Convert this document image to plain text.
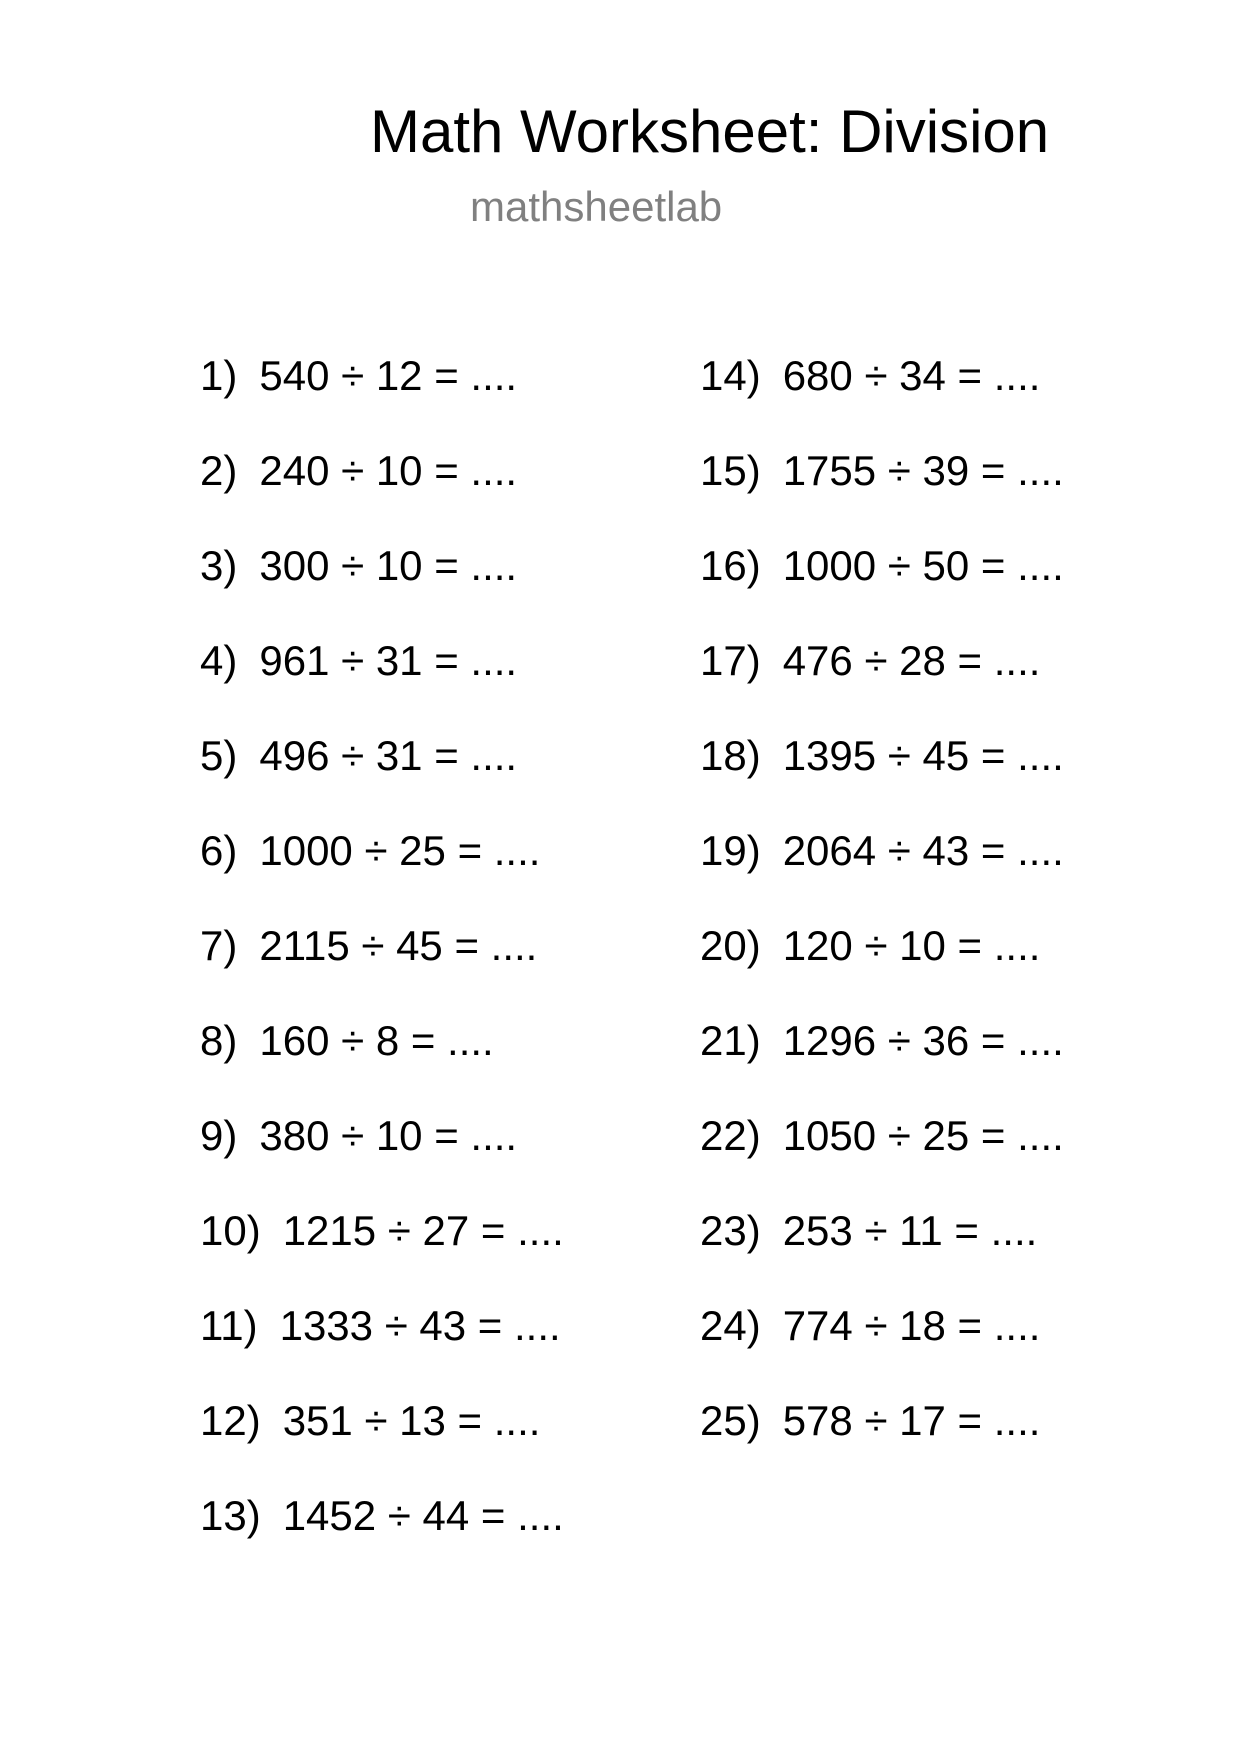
Math Worksheet: Division
mathsheetlab
1) 540 ÷ 12 = ....
2) 240 ÷ 10 = ....
3) 300 ÷ 10 = ....
4) 961 ÷ 31 = ....
5) 496 ÷ 31 = ....
6) 1000 ÷ 25 = ....
7) 2115 ÷ 45 = ....
8) 160 ÷ 8 = ....
9) 380 ÷ 10 = ....
10) 1215 ÷ 27 = ....
11) 1333 ÷ 43 = ....
12) 351 ÷ 13 = ....
13) 1452 ÷ 44 = ....
14) 680 ÷ 34 = ....
15) 1755 ÷ 39 = ....
16) 1000 ÷ 50 = ....
17) 476 ÷ 28 = ....
18) 1395 ÷ 45 = ....
19) 2064 ÷ 43 = ....
20) 120 ÷ 10 = ....
21) 1296 ÷ 36 = ....
22) 1050 ÷ 25 = ....
23) 253 ÷ 11 = ....
24) 774 ÷ 18 = ....
25) 578 ÷ 17 = ....
